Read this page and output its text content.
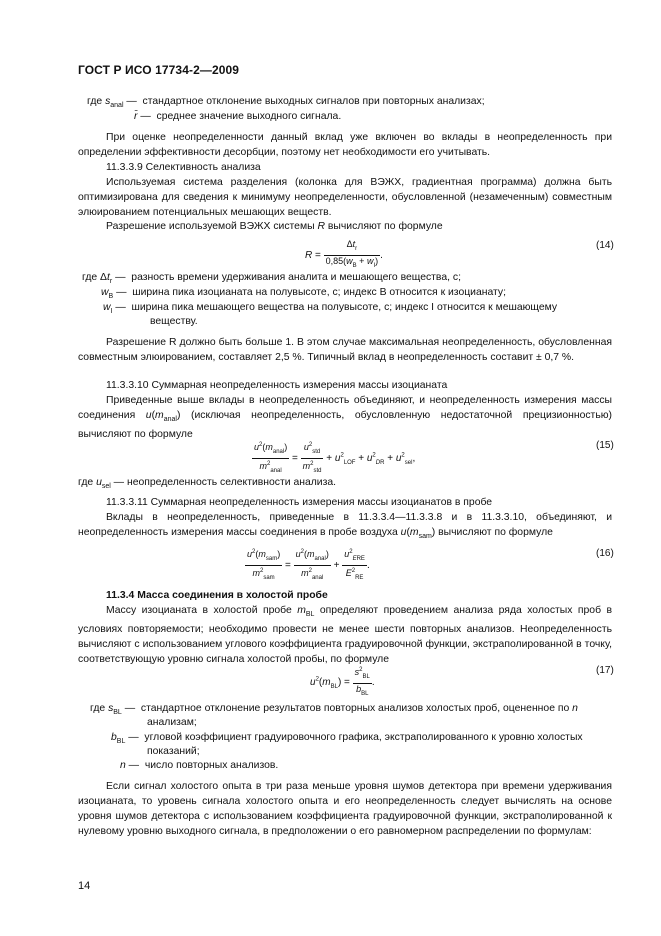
ГОСТ Р ИСО 17734-2—2009
где $s_{anal}$ —  стандартное отклонение выходных сигналов при повторных анализах;
r̄ —  среднее значение выходного сигнала.
При оценке неопределенности данный вклад уже включен во вклады в неопределенность при определении эффективности десорбции, поэтому нет необходимости его учитывать.
11.3.3.9 Селективность анализа
Используемая система разделения (колонка для ВЭЖХ, градиентная программа) должна быть оптимизирована для сведения к минимуму неопределенности, обусловленной (незамеченным) совместным элюированием потенциальных мешающих веществ.
Разрешение используемой ВЭЖХ системы R вычисляют по формуле
$R = \frac{\Delta t_r}{0,85(w_B + w_I)}$ .
(14)
где $\Delta t_r$ —  разность времени удерживания аналита и мешающего вещества, с;
$w_B$ —  ширина пика изоцианата на полувысоте, с; индекс B относится к изоцианату;
$w_I$ —  ширина пика мешающего вещества на полувысоте, с; индекс I относится к мешающему
веществу.
Разрешение R должно быть больше 1. В этом случае максимальная неопределенность, обусловленная совместным элюированием, составляет 2,5 %. Типичный вклад в неопределенность составит ± 0,7 %.
11.3.3.10 Суммарная неопределенность измерения массы изоцианата
Приведенные выше вклады в неопределенность объединяют, и неопределенность измерения массы соединения $u(m_{anal})$ (исключая неопределенность, обусловленную недостаточной прецизионностью) вычисляют по формуле
$\frac{u^2(m_{anal})}{m^2_{anal}} = \frac{u^2_{std}}{m^2_{std}} + u^2_{LOF} + u^2_{DR} + u^2_{sel}$,
(15)
где $u_{sel}$ — неопределенность селективности анализа.
11.3.3.11 Суммарная неопределенность измерения массы изоцианатов в пробе
Вклады в неопределенность, приведенные в 11.3.3.4—11.3.3.8 и в 11.3.3.10, объединяют, и неопределенность измерения массы соединения в пробе воздуха $u(m_{sam})$ вычисляют по формуле
$\frac{u^2(m_{sam})}{m^2_{sam}} = \frac{u^2(m_{anal})}{m^2_{anal}} + \frac{u^2_{ERE}}{E^2_{RE}}$ .
(16)
11.3.4 Масса соединения в холостой пробе
Массу изоцианата в холостой пробе $m_{BL}$ определяют проведением анализа ряда холостых проб в условиях повторяемости; необходимо провести не менее шести повторных анализов. Неопределенность вычисляют с использованием углового коэффициента градуировочной функции, экстраполированной в точку, соответствующую уровню сигнала холостой пробы, по формуле
$u^2(m_{BL}) = \frac{s^2_{BL}}{b_{BL}}$ .
(17)
где $s_{BL}$ —  стандартное отклонение результатов повторных анализов холостых проб, оцененное по n
анализам;
$b_{BL}$ —  угловой коэффициент градуировочного графика, экстраполированного к уровню холостых
показаний;
n —  число повторных анализов.
Если сигнал холостого опыта в три раза меньше уровня шумов детектора при времени удерживания изоцианата, то уровень сигнала холостого опыта и его неопределенность следует вычислять на основе уровня шумов детектора с использованием коэффициента градуировочной функции, экстраполированной к нулевому уровню выходного сигнала, в предположении о его равномерном распределении по формулам:
14
